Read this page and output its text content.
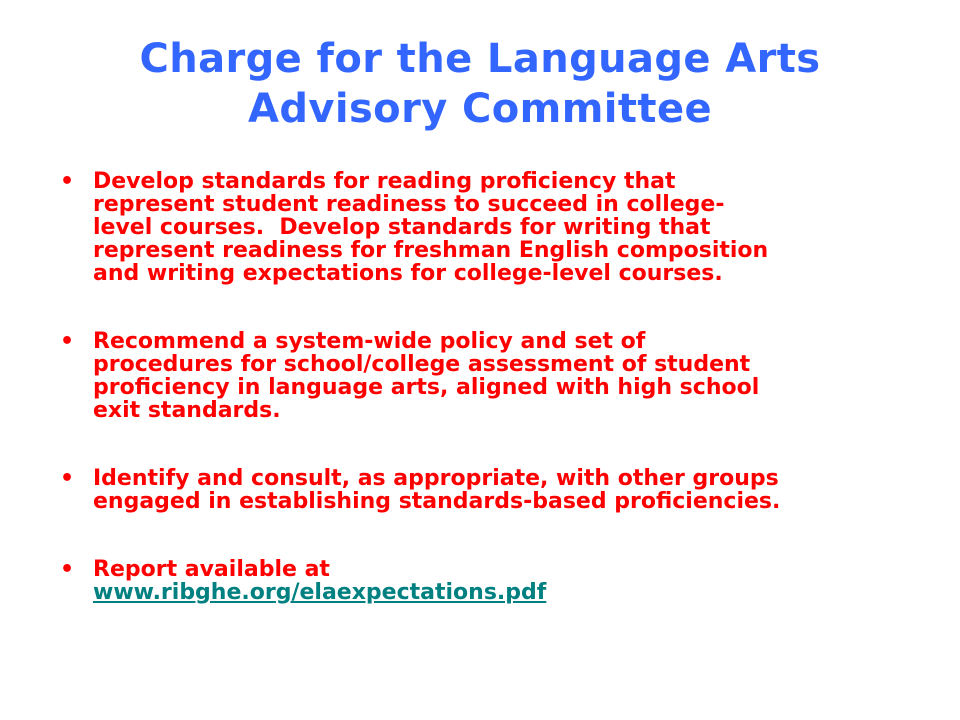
Charge for the Language Arts
Advisory Committee
• Develop standards for reading proficiency that
represent student readiness to succeed in college-
level courses.  Develop standards for writing that
represent readiness for freshman English composition
and writing expectations for college-level courses.
• Recommend a system-wide policy and set of
procedures for school/college assessment of student
proficiency in language arts, aligned with high school
exit standards.
• Identify and consult, as appropriate, with other groups
engaged in establishing standards-based proficiencies.
• Report available at
www.ribghe.org/elaexpectations.pdf
